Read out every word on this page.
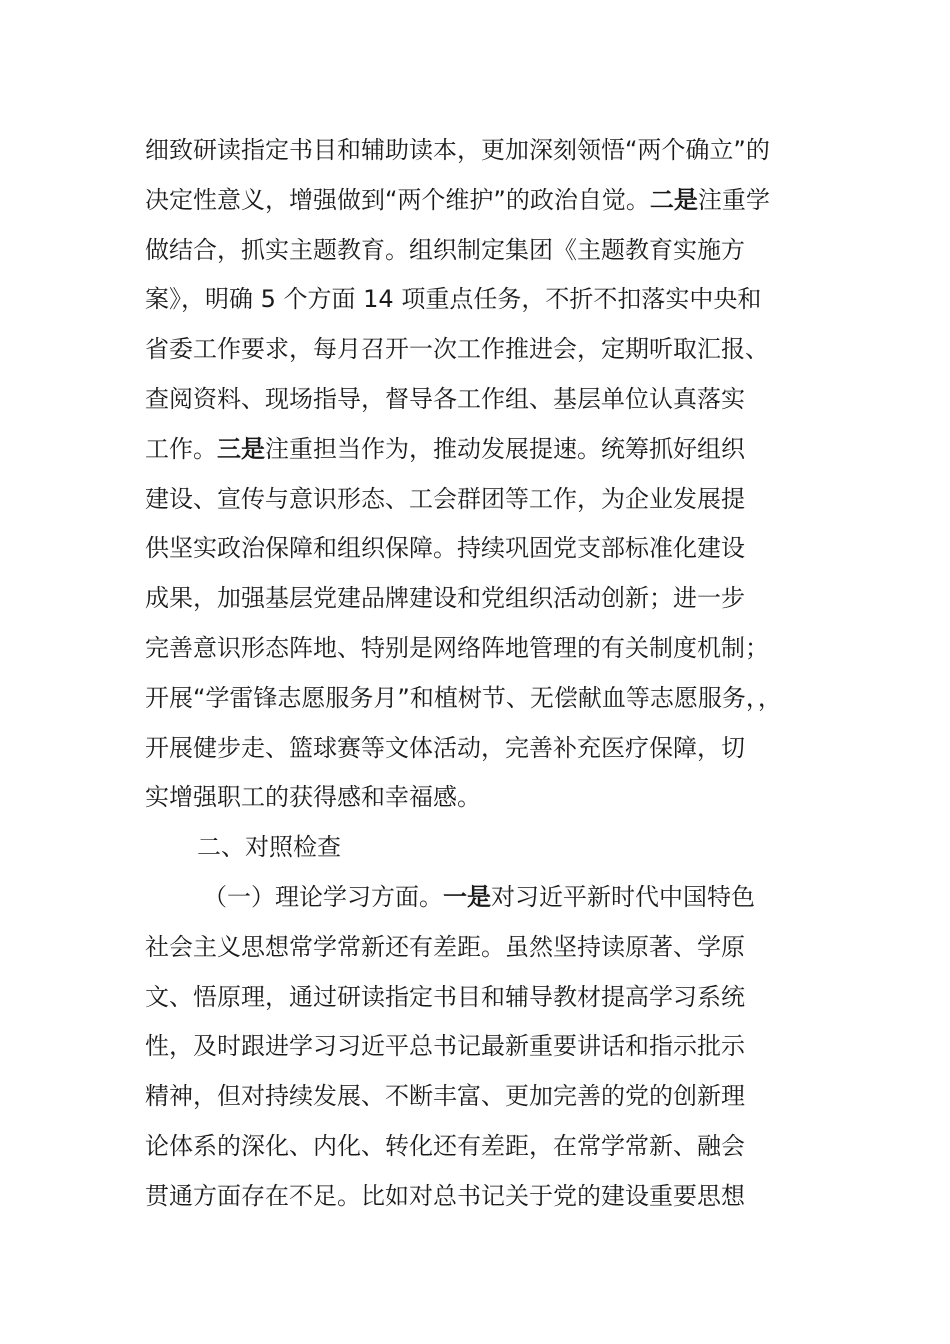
细致研读指定书目和辅助读本，更加深刻领悟“两个确立”的
决定性意义，增强做到“两个维护”的政治自觉。二是注重学
做结合，抓实主题教育。组织制定集团《主题教育实施方
案》，明确 5 个方面 14 项重点任务，不折不扣落实中央和
省委工作要求，每月召开一次工作推进会，定期听取汇报、
查阅资料、现场指导，督导各工作组、基层单位认真落实
工作。三是注重担当作为，推动发展提速。统筹抓好组织
建设、宣传与意识形态、工会群团等工作，为企业发展提
供坚实政治保障和组织保障。持续巩固党支部标准化建设
成果，加强基层党建品牌建设和党组织活动创新；进一步
完善意识形态阵地、特别是网络阵地管理的有关制度机制；
开展“学雷锋志愿服务月”和植树节、无偿献血等志愿服务，，
开展健步走、篮球赛等文体活动，完善补充医疗保障，切
实增强职工的获得感和幸福感。
二、对照检查
（一）理论学习方面。一是对习近平新时代中国特色
社会主义思想常学常新还有差距。虽然坚持读原著、学原
文、悟原理，通过研读指定书目和辅导教材提高学习系统
性，及时跟进学习习近平总书记最新重要讲话和指示批示
精神，但对持续发展、不断丰富、更加完善的党的创新理
论体系的深化、内化、转化还有差距，在常学常新、融会
贯通方面存在不足。比如对总书记关于党的建设重要思想
